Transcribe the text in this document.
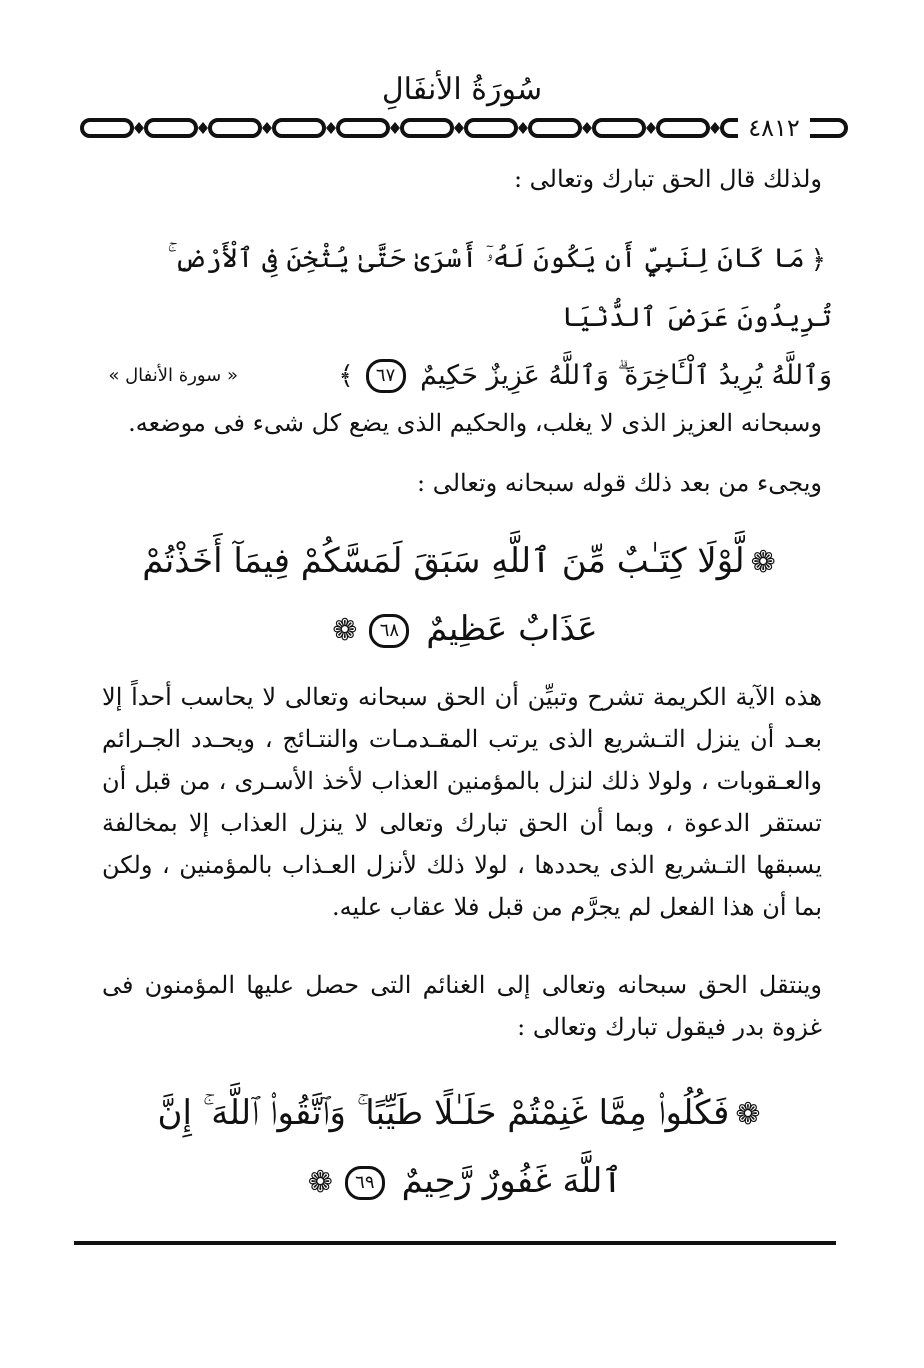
سُورَةُ الأنفَالِ
٤٨١٢

ولذلك قال الحق تبارك وتعالى :

﴿مَا كَانَ لِنَبِيٍّ أَن يَكُونَ لَهُۥٓ أَسْرَىٰ حَتَّىٰ يُثْخِنَ فِى ٱلْأَرْضِ ۚ تُرِيدُونَ عَرَضَ ٱلدُّنْيَا
وَٱللَّهُ يُرِيدُ ٱلْـَٔاخِرَةَ ۗ وَٱللَّهُ عَزِيزٌ حَكِيمٌ ٦٧﴾
« سورة الأنفال »

وسبحانه العزيز الذى لا يغلب، والحكيم الذى يضع كل شىء فى موضعه.

ويجىء من بعد ذلك قوله سبحانه وتعالى :

❁لَّوْلَا كِتَـٰبٌ مِّنَ ٱللَّهِ سَبَقَ لَمَسَّكُمْ فِيمَآ أَخَذْتُمْ
عَذَابٌ عَظِيمٌ ٦٨❁

هذه الآية الكريمة تشرح وتبيِّن أن الحق سبحانه وتعالى لا يحاسب أحداً إلا بعـد أن ينزل التـشريع الذى يرتب المقـدمـات والنتـائج ، ويحـدد الجـرائم والعـقوبات ، ولولا ذلك لنزل بالمؤمنين العذاب لأخذ الأسـرى ، من قبل أن تستقر الدعوة ، وبما أن الحق تبارك وتعالى لا ينزل العذاب إلا بمخالفة يسبقها التـشريع الذى يحددها ، لولا ذلك لأنزل العـذاب بالمؤمنين ، ولكن بما أن هذا الفعل لم يجرَّم من قبل فلا عقاب عليه.

وينتقل الحق سبحانه وتعالى إلى الغنائم التى حصل عليها المؤمنون فى غزوة بدر فيقول تبارك وتعالى :

❁فَكُلُوا۟ مِمَّا غَنِمْتُمْ حَلَـٰلًا طَيِّبًا ۚ وَٱتَّقُوا۟ ٱللَّهَ ۚ إِنَّ
ٱللَّهَ غَفُورٌ رَّحِيمٌ ٦٩❁
